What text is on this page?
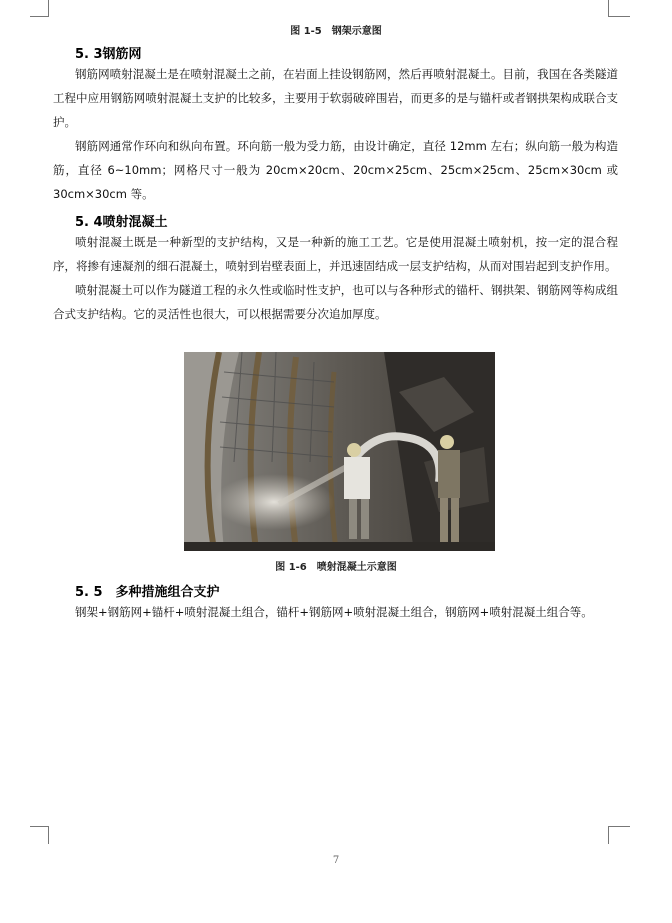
图 1-5　钢架示意图
5. 3钢筋网

钢筋网喷射混凝土是在喷射混凝土之前，在岩面上挂设钢筋网，然后再喷射混凝土。目前，我国在各类隧道工程中应用钢筋网喷射混凝土支护的比较多，主要用于软弱破碎围岩，而更多的是与锚杆或者钢拱架构成联合支护。

钢筋网通常作环向和纵向布置。环向筋一般为受力筋，由设计确定，直径 12mm 左右；纵向筋一般为构造筋，直径 6~10mm；网格尺寸一般为 20cm×20cm、20cm×25cm、25cm×25cm、25cm×30cm 或 30cm×30cm 等。

5. 4喷射混凝土

喷射混凝土既是一种新型的支护结构，又是一种新的施工工艺。它是使用混凝土喷射机，按一定的混合程序，将掺有速凝剂的细石混凝土，喷射到岩壁表面上，并迅速固结成一层支护结构，从而对围岩起到支护作用。

喷射混凝土可以作为隧道工程的永久性或临时性支护，也可以与各种形式的锚杆、钢拱架、钢筋网等构成组合式支护结构。它的灵活性也很大，可以根据需要分次追加厚度。

图 1-6　喷射混凝土示意图
5. 5　多种措施组合支护

钢架+钢筋网+锚杆+喷射混凝土组合，锚杆+钢筋网+喷射混凝土组合，钢筋网+喷射混凝土组合等。

7
